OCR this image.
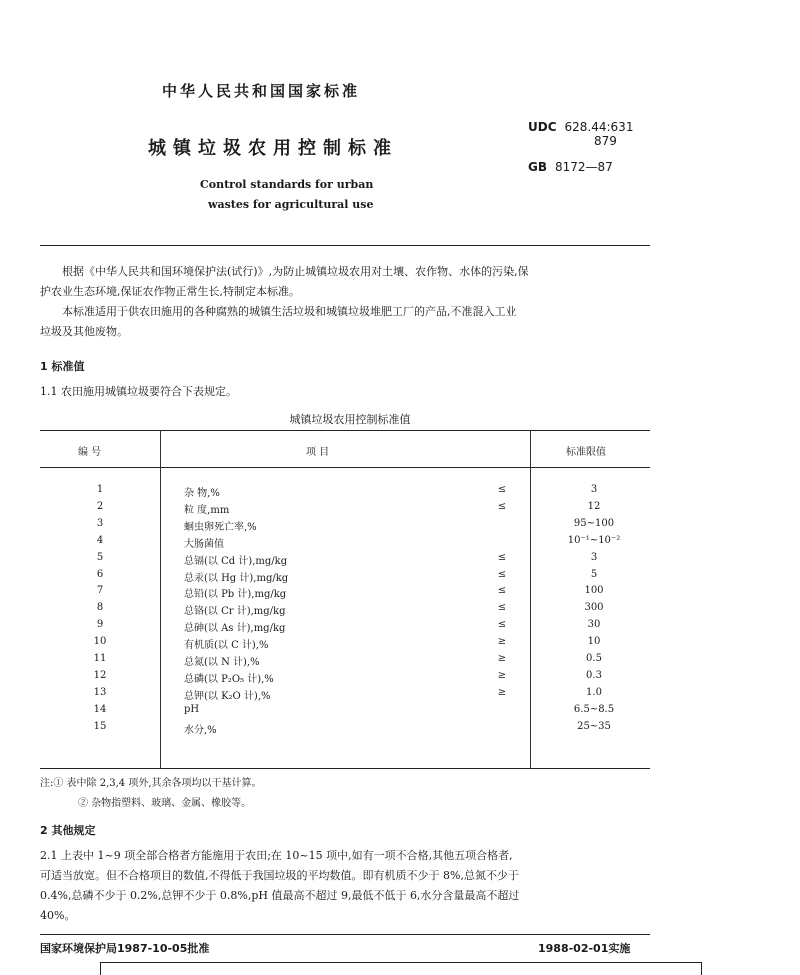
中华人民共和国国家标准
城镇垃圾农用控制标准
Control standards for urban
wastes for agricultural use
UDC 628.44:631
879
GB 8172—87

根据《中华人民共和国环境保护法(试行)》,为防止城镇垃圾农用对土壤、农作物、水体的污染,保

护农业生态环境,保证农作物正常生长,特制定本标准。

本标准适用于供农田施用的各种腐熟的城镇生活垃圾和城镇垃圾堆肥工厂的产品,不准混入工业

垃圾及其他废物。

1 标准值

1.1 农田施用城镇垃圾要符合下表规定。

城镇垃圾农用控制标准值
编 号	项 目	标准限值
1	杂 物,%	≤	3
2	粒 度,mm	≤	12
3	蛔虫卵死亡率,%	95~100
4	大肠菌值	10⁻¹~10⁻²
5	总镉(以 Cd 计),mg/kg	≤	3
6	总汞(以 Hg 计),mg/kg	≤	5
7	总铅(以 Pb 计),mg/kg	≤	100
8	总铬(以 Cr 计),mg/kg	≤	300
9	总砷(以 As 计),mg/kg	≤	30
10	有机质(以 C 计),%	≥	10
11	总氮(以 N 计),%	≥	0.5
12	总磷(以 P₂O₅ 计),%	≥	0.3
13	总钾(以 K₂O 计),%	≥	1.0
14	pH	6.5~8.5
15	水分,%	25~35
注:① 表中除 2,3,4 项外,其余各项均以干基计算。
② 杂物指塑料、玻璃、金属、橡胶等。
2 其他规定

2.1 上表中 1~9 项全部合格者方能施用于农田;在 10~15 项中,如有一项不合格,其他五项合格者,

可适当放宽。但不合格项目的数值,不得低于我国垃圾的平均数值。即有机质不少于 8%,总氮不少于

0.4%,总磷不少于 0.2%,总钾不少于 0.8%,pH 值最高不超过 9,最低不低于 6,水分含量最高不超过

40%。

国家环境保护局1987-10-05批准	1988-02-01实施
